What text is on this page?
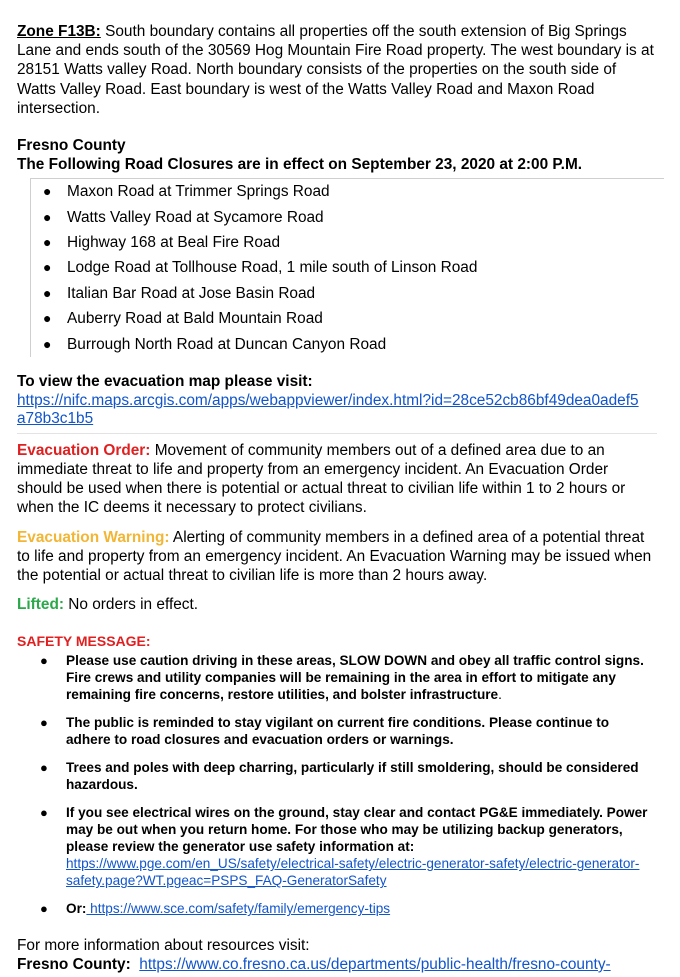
Zone F13B: South boundary contains all properties off the south extension of Big Springs Lane and ends south of the 30569 Hog Mountain Fire Road property. The west boundary is at 28151 Watts valley Road. North boundary consists of the properties on the south side of Watts Valley Road. East boundary is west of the Watts Valley Road and Maxon Road intersection.

Fresno County

The Following Road Closures are in effect on September 23, 2020 at 2:00 P.M.

● Maxon Road at Trimmer Springs Road
● Watts Valley Road at Sycamore Road
● Highway 168 at Beal Fire Road
● Lodge Road at Tollhouse Road, 1 mile south of Linson Road
● Italian Bar Road at Jose Basin Road
● Auberry Road at Bald Mountain Road
● Burrough North Road at Duncan Canyon Road

To view the evacuation map please visit:

https://nifc.maps.arcgis.com/apps/webappviewer/index.html?id=28ce52cb86bf49dea0adef5a78b3c1b5

Evacuation Order: Movement of community members out of a defined area due to an immediate threat to life and property from an emergency incident. An Evacuation Order should be used when there is potential or actual threat to civilian life within 1 to 2 hours or when the IC deems it necessary to protect civilians.

Evacuation Warning: Alerting of community members in a defined area of a potential threat to life and property from an emergency incident. An Evacuation Warning may be issued when the potential or actual threat to civilian life is more than 2 hours away.

Lifted: No orders in effect.

SAFETY MESSAGE:

● Please use caution driving in these areas, SLOW DOWN and obey all traffic control signs. Fire crews and utility companies will be remaining in the area in effort to mitigate any remaining fire concerns, restore utilities, and bolster infrastructure.
● The public is reminded to stay vigilant on current fire conditions. Please continue to adhere to road closures and evacuation orders or warnings.
● Trees and poles with deep charring, particularly if still smoldering, should be considered hazardous.
● If you see electrical wires on the ground, stay clear and contact PG&E immediately. Power may be out when you return home. For those who may be utilizing backup generators, please review the generator use safety information at: https://www.pge.com/en_US/safety/electrical-safety/electric-generator-safety/electric-generator-safety.page?WT.pgeac=PSPS_FAQ-GeneratorSafety
● Or: https://www.sce.com/safety/family/emergency-tips

For more information about resources visit:

Fresno County: https://www.co.fresno.ca.us/departments/public-health/fresno-county-
